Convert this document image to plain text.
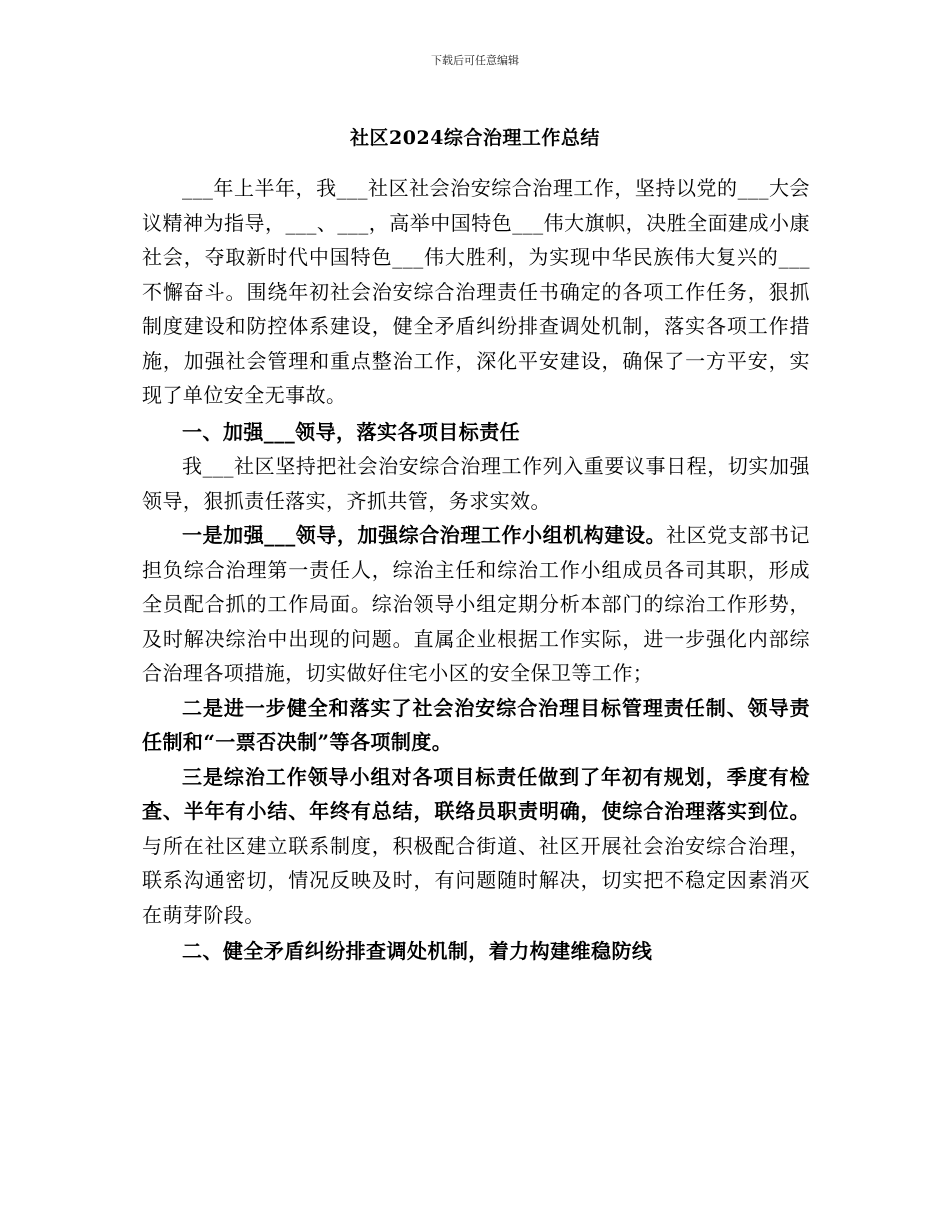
下载后可任意编辑
社区2024综合治理工作总结

___年上半年，我___社区社会治安综合治理工作，坚持以党的___大会议精神为指导，___、___，高举中国特色___伟大旗帜，决胜全面建成小康社会，夺取新时代中国特色___伟大胜利，为实现中华民族伟大复兴的___不懈奋斗。围绕年初社会治安综合治理责任书确定的各项工作任务，狠抓制度建设和防控体系建设，健全矛盾纠纷排查调处机制，落实各项工作措施，加强社会管理和重点整治工作，深化平安建设，确保了一方平安，实现了单位安全无事故。

一、加强___领导，落实各项目标责任

我___社区坚持把社会治安综合治理工作列入重要议事日程，切实加强领导，狠抓责任落实，齐抓共管，务求实效。

一是加强___领导，加强综合治理工作小组机构建设。社区党支部书记担负综合治理第一责任人，综治主任和综治工作小组成员各司其职，形成全员配合抓的工作局面。综治领导小组定期分析本部门的综治工作形势，及时解决综治中出现的问题。直属企业根据工作实际，进一步强化内部综合治理各项措施，切实做好住宅小区的安全保卫等工作；

二是进一步健全和落实了社会治安综合治理目标管理责任制、领导责任制和“一票否决制”等各项制度。

三是综治工作领导小组对各项目标责任做到了年初有规划，季度有检查、半年有小结、年终有总结，联络员职责明确，使综合治理落实到位。与所在社区建立联系制度，积极配合街道、社区开展社会治安综合治理，联系沟通密切，情况反映及时，有问题随时解决，切实把不稳定因素消灭在萌芽阶段。

二、健全矛盾纠纷排查调处机制，着力构建维稳防线
